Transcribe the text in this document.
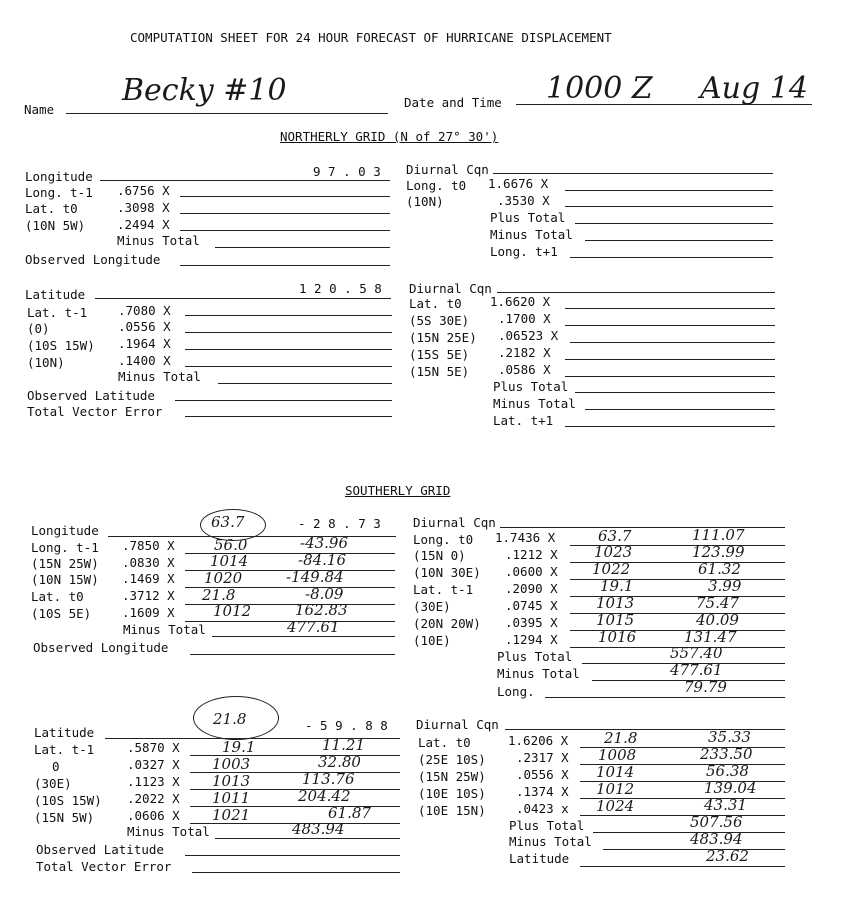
COMPUTATION SHEET FOR 24 HOUR FORECAST OF HURRICANE DISPLACEMENT
Name
Becky #10	Date and Time 1000 Z Aug 14
NORTHERLY GRID (N of 27° 30')
Longitude	9 7 . 0 3
Long. t-1 .6756 X
Lat. t0	.3098 X
(10N 5W)	.2494 X
Minus Total
Observed Longitude
Diurnal Cqn
Long. t0 1.6676 X
(10N)	.3530 X
Plus Total
Minus Total
Long. t+1
Latitude	1 2 0 . 5 8
Lat. t-1 .7080 X
(0)	.0556 X
(10S 15W) .1964 X
(10N)	.1400 X
Minus Total
Observed Latitude
Total Vector Error
Diurnal Cqn
Lat. t0 1.6620 X
(5S 30E) .1700 X
(15N 25E) .06523 X
(15S 5E) .2182 X
(15N 5E) .0586 X
Plus Total
Minus Total
Lat. t+1
SOUTHERLY GRID
Longitude	63.7	- 2 8 . 7 3
Long. t-1 .7850 X	56.0	-43.96
(15N 25W) .0830 X 1014	-84.16
(10N 15W) .1469 X 1020	-149.84
Lat. t0	.3712 X 21.8	-8.09
(10S 5E) .1609 X	1012	162.83
Minus Total	477.61
Observed Longitude
Diurnal Cqn
Long. t0 1.7436 X	63.7	111.07
(15N 0)	.1212 X 1023	123.99
(10N 30E) .0600 X 1022	61.32
Lat. t-1	.2090 X	19.1	3.99
(30E)	.0745 X	1013	75.47
(20N 20W) .0395 X	1015	40.09
(10E)	.1294 X	1016	131.47
Plus Total	557.40
Minus Total	477.61
Long.	79.79
Latitude
21.8	- 5 9 . 8 8
Lat. t-1	.5870 X	19.1	11.21
0	.0327 X 1003	32.80
(30E)	.1123 X 1013	113.76
(10S 15W) .2022 X 1011	204.42
(15N 5W)	.0606 X 1021	61.87
Minus Total	483.94
Observed Latitude
Total Vector Error
Diurnal Cqn
Lat. t0	1.6206 X 21.8	35.33
(25E 10S) .2317 X 1008	233.50
(15N 25W) .0556 X 1014	56.38
(10E 10S) .1374 X 1012	139.04
(10E 15N) .0423 x 1024	43.31
Plus Total	507.56
Minus Total	483.94
Latitude	23.62
